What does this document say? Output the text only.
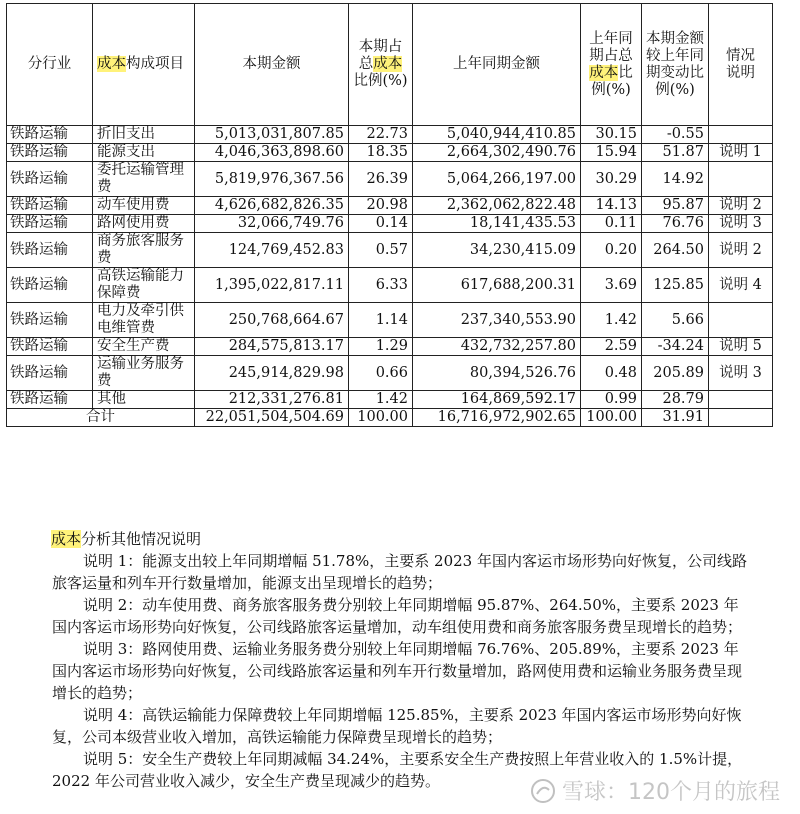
分行业	成本构成项目	本期金额	本期占总成本比例(%)	上年同期金额	上年同期占总成本比例(%)	本期金额较上年同期变动比例(%)	情况说明
铁路运输	折旧支出	5,013,031,807.85	22.73	5,040,944,410.85	30.15	-0.55	
铁路运输	能源支出	4,046,363,898.60	18.35	2,664,302,490.76	15.94	51.87	说明 1
铁路运输	委托运输管理费	5,819,976,367.56	26.39	5,064,266,197.00	30.29	14.92	
铁路运输	动车使用费	4,626,682,826.35	20.98	2,362,062,822.48	14.13	95.87	说明 2
铁路运输	路网使用费	32,066,749.76	0.14	18,141,435.53	0.11	76.76	说明 3
铁路运输	商务旅客服务费	124,769,452.83	0.57	34,230,415.09	0.20	264.50	说明 2
铁路运输	高铁运输能力保障费	1,395,022,817.11	6.33	617,688,200.31	3.69	125.85	说明 4
铁路运输	电力及牵引供电维管费	250,768,664.67	1.14	237,340,553.90	1.42	5.66	
铁路运输	安全生产费	284,575,813.17	1.29	432,732,257.80	2.59	-34.24	说明 5
铁路运输	运输业务服务费	245,914,829.98	0.66	80,394,526.76	0.48	205.89	说明 3
铁路运输	其他	212,331,276.81	1.42	164,869,592.17	0.99	28.79	
合计		22,051,504,504.69	100.00	16,716,972,902.65	100.00	31.91	

成本分析其他情况说明

说明 1：能源支出较上年同期增幅 51.78%，主要系 2023 年国内客运市场形势向好恢复，公司线路旅客运量和列车开行数量增加，能源支出呈现增长的趋势；

说明 2：动车使用费、商务旅客服务费分别较上年同期增幅 95.87%、264.50%，主要系 2023 年国内客运市场形势向好恢复，公司线路旅客运量增加，动车组使用费和商务旅客服务费呈现增长的趋势；

说明 3：路网使用费、运输业务服务费分别较上年同期增幅 76.76%、205.89%，主要系 2023 年国内客运市场形势向好恢复，公司线路旅客运量和列车开行数量增加，路网使用费和运输业务服务费呈现增长的趋势；

说明 4：高铁运输能力保障费较上年同期增幅 125.85%，主要系 2023 年国内客运市场形势向好恢复，公司本级营业收入增加，高铁运输能力保障费呈现增长的趋势；

说明 5：安全生产费较上年同期减幅 34.24%，主要系安全生产费按照上年营业收入的 1.5%计提，2022 年公司营业收入减少，安全生产费呈现减少的趋势。	雪球：120个月的旅程
